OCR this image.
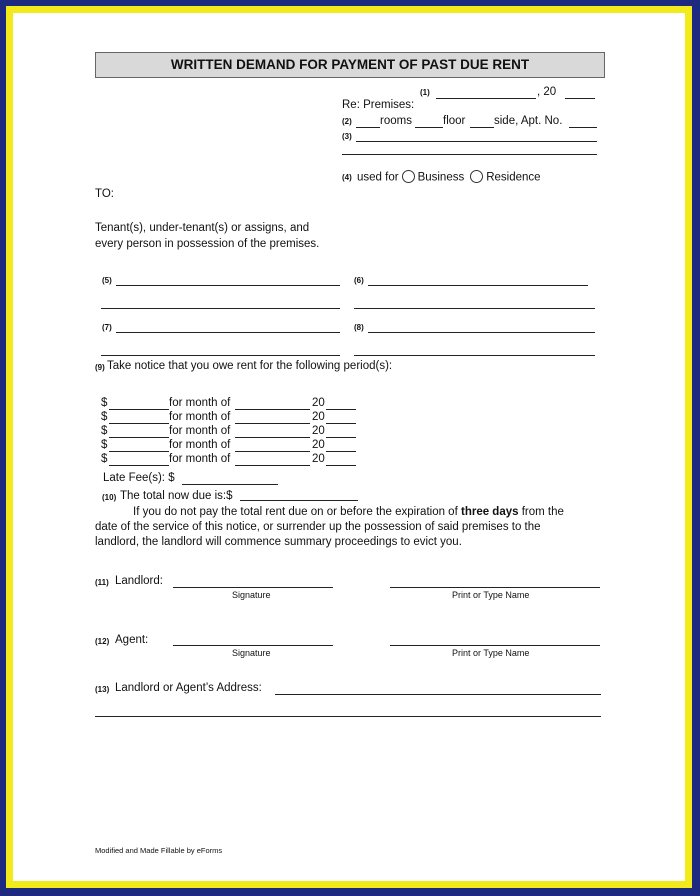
WRITTEN DEMAND FOR PAYMENT OF PAST DUE RENT
(1)	, 20
Re: Premises:
(2) rooms	floor side, Apt. No.
(3)
(4) used for Business Residence
TO:
Tenant(s), under-tenant(s) or assigns, and
every person in possession of the premises.
(5)	(6)
(7)	(8)
(9) Take notice that you owe rent for the following period(s):
$	for month of	20
$	for month of	20
$	for month of	20
$	for month of	20
$	for month of	20
Late Fee(s): $
(10) The total now due is:$
If you do not pay the total rent due on or before the expiration of three days from the
date of the service of this notice, or surrender up the possession of said premises to the
landlord, the landlord will commence summary proceedings to evict you.
(11) Landlord:
Signature	Print or Type Name
(12) Agent:
Signature	Print or Type Name
(13) Landlord or Agent’s Address:
Modified and Made Fillable by eForms
